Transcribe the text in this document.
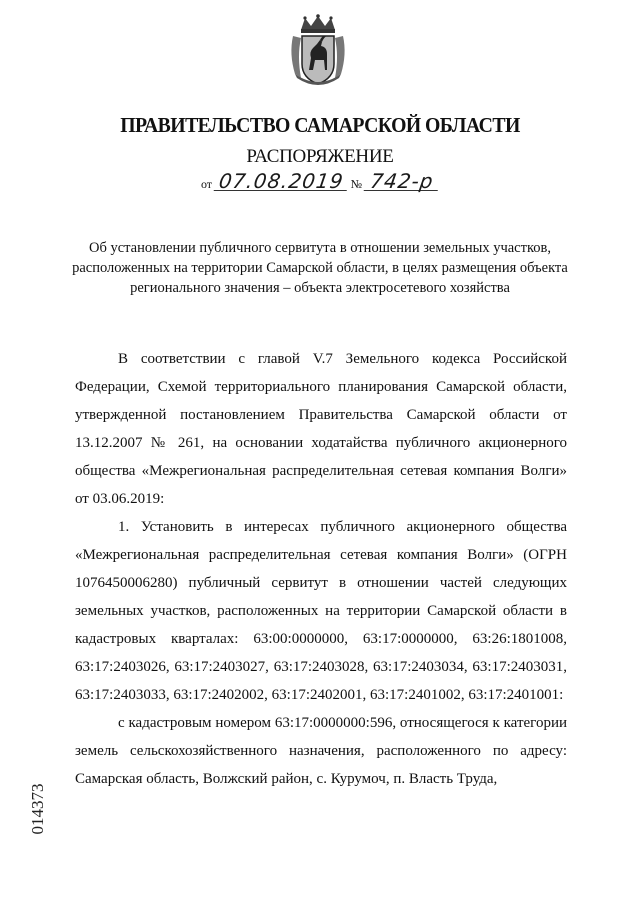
ПРАВИТЕЛЬСТВО САМАРСКОЙ ОБЛАСТИ
РАСПОРЯЖЕНИЕ
от 07.08.2019 № 742-р
Об установлении публичного сервитута в отношении земельных участков, расположенных на территории Самарской области, в целях размещения объекта регионального значения – объекта электросетевого хозяйства

В соответствии с главой V.7 Земельного кодекса Российской Федерации, Схемой территориального планирования Самарской области, утвержденной постановлением Правительства Самарской области от 13.12.2007 № 261, на основании ходатайства публичного акционерного общества «Межрегиональная распределительная сетевая компания Волги» от 03.06.2019:

1. Установить в интересах публичного акционерного общества «Межрегиональная распределительная сетевая компания Волги» (ОГРН 1076450006280) публичный сервитут в отношении частей следующих земельных участков, расположенных на территории Самарской области в кадастровых кварталах: 63:00:0000000, 63:17:0000000, 63:26:1801008, 63:17:2403026, 63:17:2403027, 63:17:2403028, 63:17:2403034, 63:17:2403031, 63:17:2403033, 63:17:2402002, 63:17:2402001, 63:17:2401002, 63:17:2401001:

с кадастровым номером 63:17:0000000:596, относящегося к категории земель сельскохозяйственного назначения, расположенного по адресу: Самарская область, Волжский район, с. Курумоч, п. Власть Труда,

014373
